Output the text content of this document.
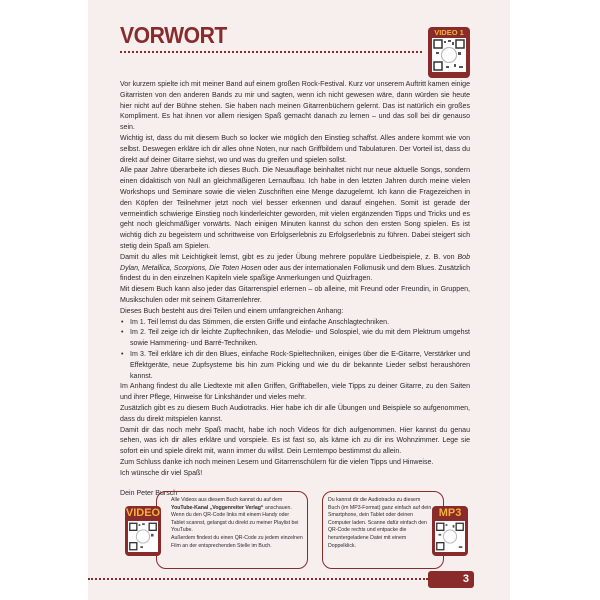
VORWORT	VIDEO 1

Vor kurzem spielte ich mit meiner Band auf einem großen Rock-Festival. Kurz vor unserem Auftritt kamen einige Gitarristen von den anderen Bands zu mir und sagten, wenn ich nicht gewesen wäre, dann würden sie heute hier nicht auf der Bühne stehen. Sie haben nach meinen Gitarrenbüchern gelernt. Das ist natürlich ein großes Kompliment. Es hat ihnen vor allem riesigen Spaß gemacht danach zu lernen – und das soll bei dir genauso sein.

Wichtig ist, dass du mit diesem Buch so locker wie möglich den Einstieg schaffst. Alles andere kommt wie von selbst. Deswegen erkläre ich dir alles ohne Noten, nur nach Griffbildern und Tabulaturen. Der Vorteil ist, dass du direkt auf deiner Gitarre siehst, wo und was du greifen und spielen sollst.

Alle paar Jahre überarbeite ich dieses Buch. Die Neuauflage beinhaltet nicht nur neue aktuelle Songs, sondern einen didaktisch von Null an gleichmäßigeren Lernaufbau. Ich habe in den letzten Jahren durch meine vielen Workshops und Seminare sowie die vielen Zuschriften eine Menge dazugelernt. Ich kann die Fragezeichen in den Köpfen der Teilnehmer jetzt noch viel besser erkennen und darauf eingehen. Somit ist gerade der vermeintlich schwierige Einstieg noch kinderleichter geworden, mit vielen ergänzenden Tipps und Tricks und es geht noch gleichmäßiger vorwärts. Nach einigen Minuten kannst du schon den ersten Song spielen. Es ist wichtig dich zu begeistern und schrittweise von Erfolgserlebnis zu Erfolgserlebnis zu führen. Dabei steigert sich stetig dein Spaß am Spielen.

Damit du alles mit Leichtigkeit lernst, gibt es zu jeder Übung mehrere populäre Liedbeispiele, z. B. von Bob Dylan, Metallica, Scorpions, Die Toten Hosen oder aus der internationalen Folkmusik und dem Blues. Zusätzlich findest du in den einzelnen Kapiteln viele spaßige Anmerkungen und Quizfragen.

Mit diesem Buch kann also jeder das Gitarrenspiel erlernen – ob alleine, mit Freund oder Freundin, in Gruppen, Musikschulen oder mit seinem Gitarrenlehrer.

Dieses Buch besteht aus drei Teilen und einem umfangreichen Anhang:

• Im 1. Teil lernst du das Stimmen, die ersten Griffe und einfache Anschlagtechniken.
• Im 2. Teil zeige ich dir leichte Zupftechniken, das Melodie- und Solospiel, wie du mit dem Plektrum umgehst sowie Hammering- und Barré-Techniken.
• Im 3. Teil erkläre ich dir den Blues, einfache Rock-Spieltechniken, einiges über die E-Gitarre, Verstärker und Effektgeräte, neue Zupfsysteme bis hin zum Picking und wie du dir bekannte Lieder selbst heraushören kannst.

Im Anhang findest du alle Liedtexte mit allen Griffen, Grifftabellen, viele Tipps zu deiner Gitarre, zu den Saiten und ihrer Pflege, Hinweise für Linkshänder und vieles mehr.

Zusätzlich gibt es zu diesem Buch Audiotracks. Hier habe ich dir alle Übungen und Beispiele so aufgenommen, dass du direkt mitspielen kannst.

Damit dir das noch mehr Spaß macht, habe ich noch Videos für dich aufgenommen. Hier kannst du genau sehen, was ich dir alles erkläre und vorspiele. Es ist fast so, als käme ich zu dir ins Wohnzimmer. Lege sie sofort ein und spiele direkt mit, wann immer du willst. Dein Lerntempo bestimmst du allein.

Zum Schluss danke ich noch meinen Lesern und Gitarrenschülern für die vielen Tipps und Hinweise.

Ich wünsche dir viel Spaß!

Dein Peter Bursch

Alle Videos aus diesem Buch kannst du auf dem YouTube-Kanal „Voggenreiter Verlag“ anschauen. Wenn du den QR-Code links mit einem Handy oder Tablet scannst, gelangst du direkt zu meiner Playlist bei YouTube.
Außerdem findest du einen QR-Code zu jedem einzelnen Film an der entsprechenden Stelle im Buch.
VIDEO
Du kannst dir die Audiotracks zu diesem Buch (im MP3-Format) ganz einfach auf dein Smartphone, dein Tablet oder deinen Computer laden. Scanne dafür einfach den QR-Code rechts und entpacke die heruntergeladene Datei mit einem Doppelklick.
MP3
3
